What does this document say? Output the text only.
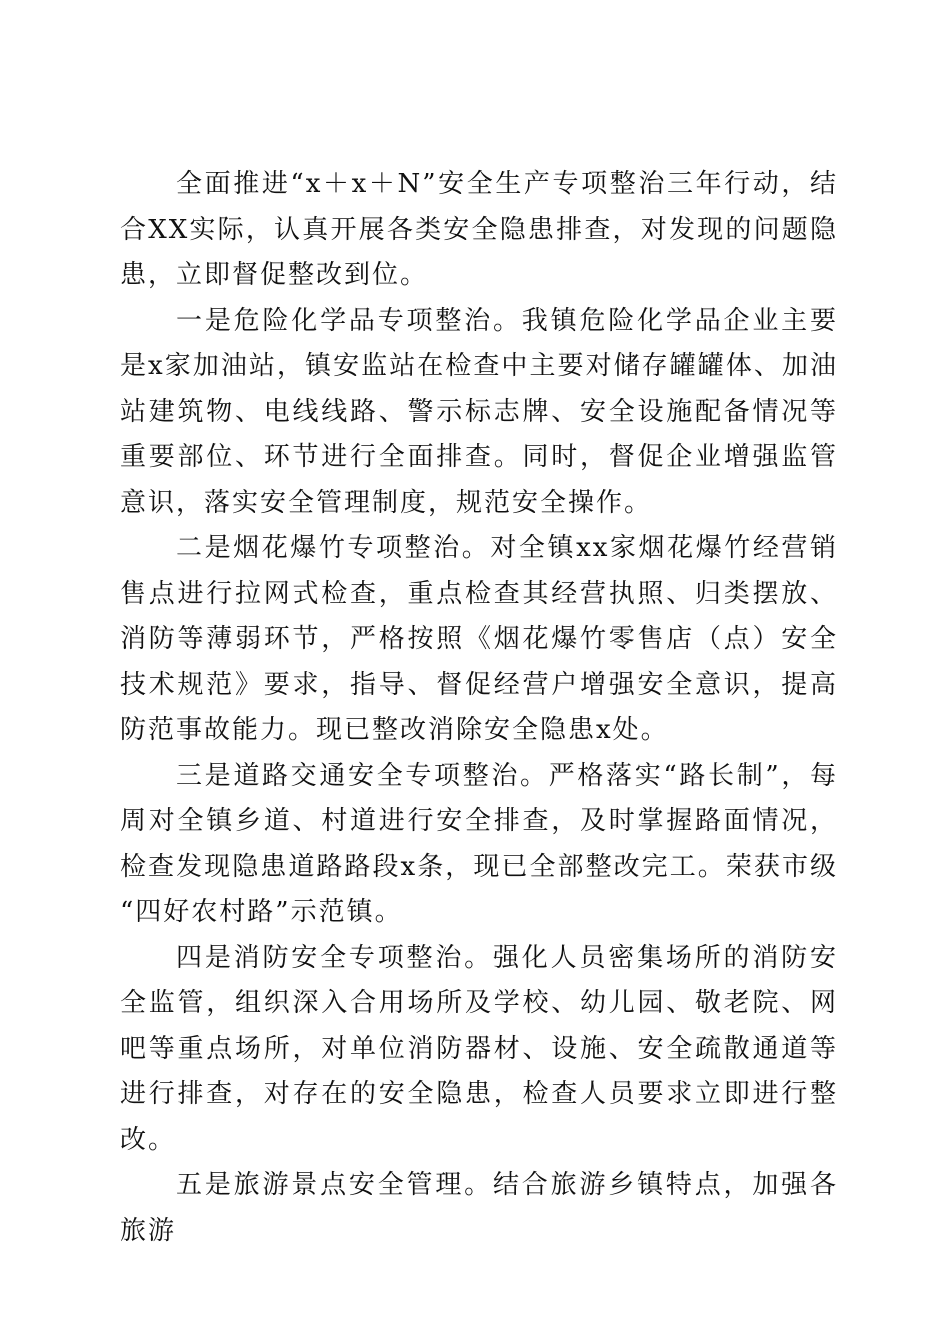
全面推进“x＋x＋N”安全生产专项整治三年行动，结合XX实际，认真开展各类安全隐患排查，对发现的问题隐患，立即督促整改到位。

一是危险化学品专项整治。我镇危险化学品企业主要是x家加油站，镇安监站在检查中主要对储存罐罐体、加油站建筑物、电线线路、警示标志牌、安全设施配备情况等重要部位、环节进行全面排查。同时，督促企业增强监管意识，落实安全管理制度，规范安全操作。

二是烟花爆竹专项整治。对全镇xx家烟花爆竹经营销售点进行拉网式检查，重点检查其经营执照、归类摆放、消防等薄弱环节，严格按照《烟花爆竹零售店（点）安全技术规范》要求，指导、督促经营户增强安全意识，提高防范事故能力。现已整改消除安全隐患x处。

三是道路交通安全专项整治。严格落实“路长制”，每周对全镇乡道、村道进行安全排查，及时掌握路面情况，检查发现隐患道路路段x条，现已全部整改完工。荣获市级“四好农村路”示范镇。

四是消防安全专项整治。强化人员密集场所的消防安全监管，组织深入合用场所及学校、幼儿园、敬老院、网吧等重点场所，对单位消防器材、设施、安全疏散通道等进行排查，对存在的安全隐患，检查人员要求立即进行整改。

五是旅游景点安全管理。结合旅游乡镇特点，加强各旅游
